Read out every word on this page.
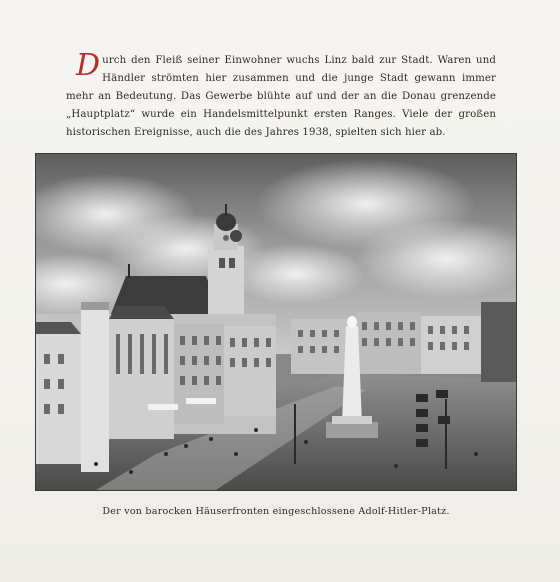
Durch den Fleiß seiner Einwohner wuchs Linz bald zur Stadt. Waren und Händler strömten hier zusammen und die junge Stadt gewann immer mehr an Bedeutung. Das Gewerbe blühte auf und der an die Donau grenzende „Hauptplatz“ wurde ein Handelsmittelpunkt ersten Ranges. Viele der großen historischen Ereignisse, auch die des Jahres 1938, spielten sich hier ab.
Der von barocken Häuserfronten eingeschlossene Adolf-Hitler-Platz.
